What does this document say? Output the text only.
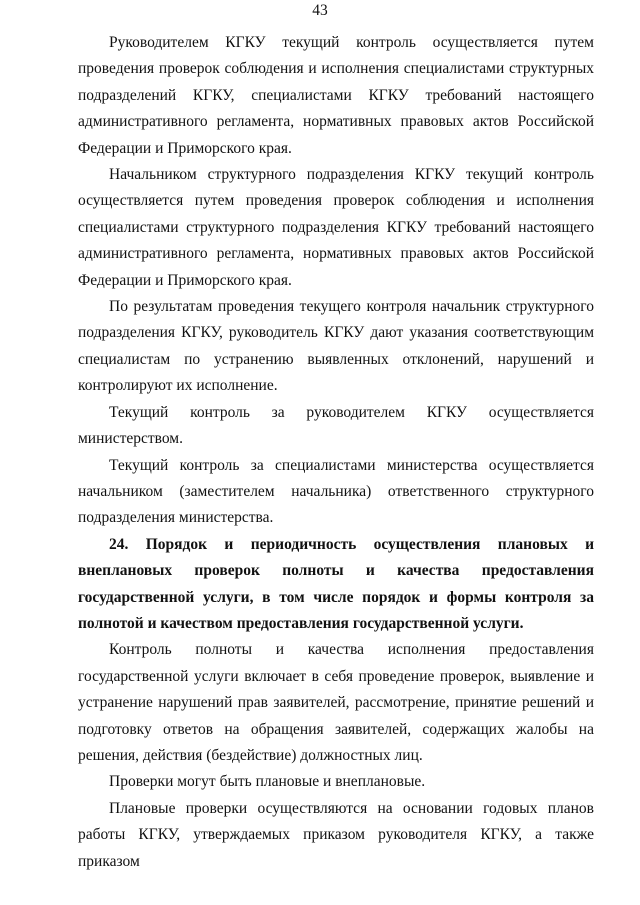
43

Руководителем КГКУ текущий контроль осуществляется путем проведения проверок соблюдения и исполнения специалистами структурных подразделений КГКУ, специалистами КГКУ требований настоящего административного регламента, нормативных правовых актов Российской Федерации и Приморского края.

Начальником структурного подразделения КГКУ текущий контроль осуществляется путем проведения проверок соблюдения и исполнения специалистами структурного подразделения КГКУ требований настоящего административного регламента, нормативных правовых актов Российской Федерации и Приморского края.

По результатам проведения текущего контроля начальник структурного подразделения КГКУ, руководитель КГКУ дают указания соответствующим специалистам по устранению выявленных отклонений, нарушений и контролируют их исполнение.

Текущий контроль за руководителем КГКУ осуществляется министерством.

Текущий контроль за специалистами министерства осуществляется начальником (заместителем начальника) ответственного структурного подразделения министерства.

24. Порядок и периодичность осуществления плановых и внеплановых проверок полноты и качества предоставления государственной услуги, в том числе порядок и формы контроля за полнотой и качеством предоставления государственной услуги.

Контроль полноты и качества исполнения предоставления государственной услуги включает в себя проведение проверок, выявление и устранение нарушений прав заявителей, рассмотрение, принятие решений и подготовку ответов на обращения заявителей, содержащих жалобы на решения, действия (бездействие) должностных лиц.

Проверки могут быть плановые и внеплановые.

Плановые проверки осуществляются на основании годовых планов работы КГКУ, утверждаемых приказом руководителя КГКУ, а также приказом
